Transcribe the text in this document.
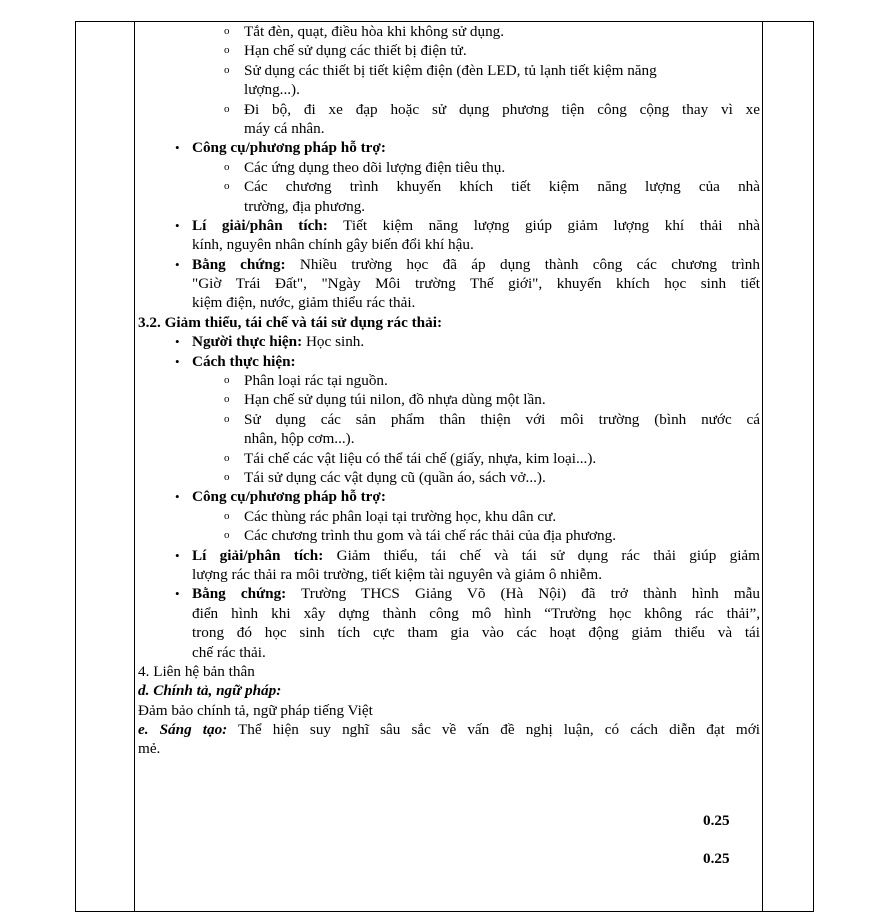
o Tắt đèn, quạt, điều hòa khi không sử dụng.
o Hạn chế sử dụng các thiết bị điện tử.
o Sử dụng các thiết bị tiết kiệm điện (đèn LED, tủ lạnh tiết kiệm năng
lượng...).
o Đi bộ, đi xe đạp hoặc sử dụng phương tiện công cộng thay vì xe
máy cá nhân.
• Công cụ/phương pháp hỗ trợ:
o Các ứng dụng theo dõi lượng điện tiêu thụ.
o Các chương trình khuyến khích tiết kiệm năng lượng của nhà
trường, địa phương.
• Lí giải/phân tích: Tiết kiệm năng lượng giúp giảm lượng khí thải nhà
kính, nguyên nhân chính gây biến đổi khí hậu.
• Bằng chứng: Nhiều trường học đã áp dụng thành công các chương trình
"Giờ Trái Đất", "Ngày Môi trường Thế giới", khuyến khích học sinh tiết
kiệm điện, nước, giảm thiểu rác thải.
3.2. Giảm thiểu, tái chế và tái sử dụng rác thải:
• Người thực hiện: Học sinh.
• Cách thực hiện:
o Phân loại rác tại nguồn.
o Hạn chế sử dụng túi nilon, đồ nhựa dùng một lần.
o Sử dụng các sản phẩm thân thiện với môi trường (bình nước cá
nhân, hộp cơm...).
o Tái chế các vật liệu có thể tái chế (giấy, nhựa, kim loại...).
o Tái sử dụng các vật dụng cũ (quần áo, sách vở...).
• Công cụ/phương pháp hỗ trợ:
o Các thùng rác phân loại tại trường học, khu dân cư.
o Các chương trình thu gom và tái chế rác thải của địa phương.
• Lí giải/phân tích: Giảm thiểu, tái chế và tái sử dụng rác thải giúp giảm
lượng rác thải ra môi trường, tiết kiệm tài nguyên và giảm ô nhiễm.
• Bằng chứng: Trường THCS Giảng Võ (Hà Nội) đã trở thành hình mẫu
điển hình khi xây dựng thành công mô hình “Trường học không rác thải”,
trong đó học sinh tích cực tham gia vào các hoạt động giảm thiểu và tái
chế rác thải.
4. Liên hệ bản thân
d. Chính tả, ngữ pháp:
Đảm bảo chính tả, ngữ pháp tiếng Việt
e. Sáng tạo: Thể hiện suy nghĩ sâu sắc về vấn đề nghị luận, có cách diễn đạt mới
mẻ.

0.25
0.25
